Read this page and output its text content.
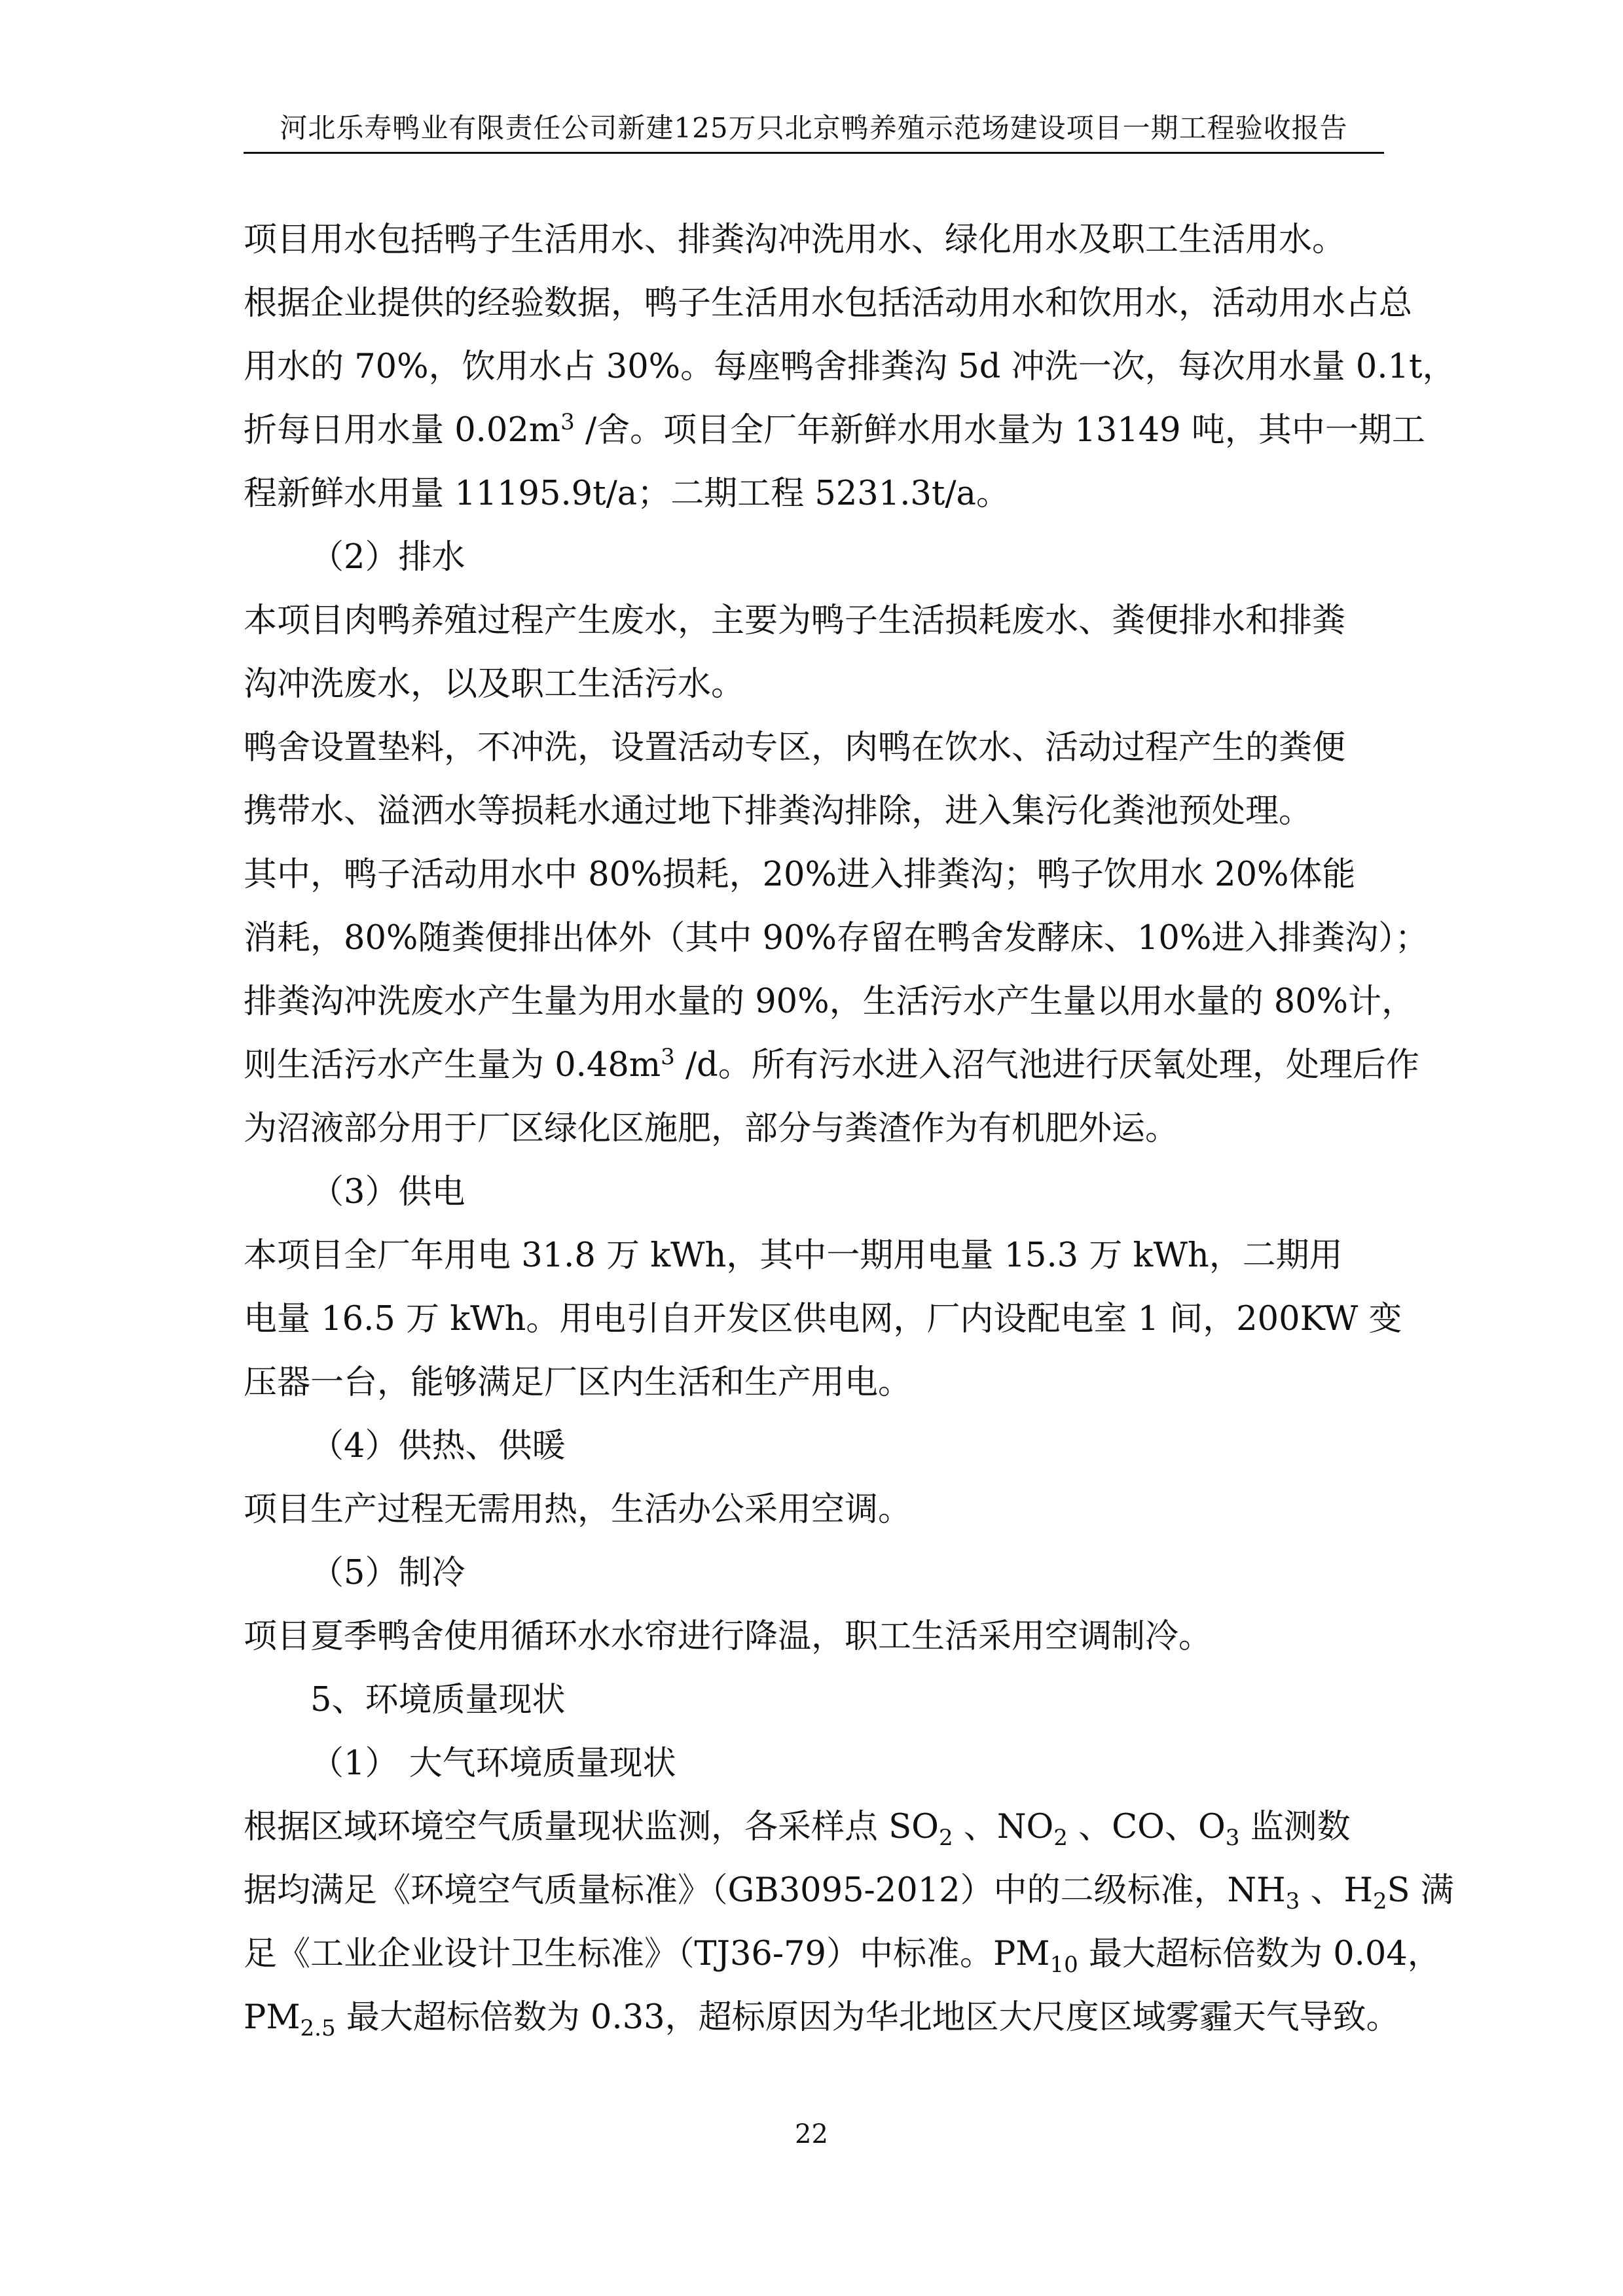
河北乐寿鸭业有限责任公司新建125万只北京鸭养殖示范场建设项目一期工程验收报告

项目用水包括鸭子生活用水、排粪沟冲洗用水、绿化用水及职工生活用水。

根据企业提供的经验数据，鸭子生活用水包括活动用水和饮用水，活动用水占总

用水的 70%，饮用水占 30%。每座鸭舍排粪沟 5d 冲洗一次，每次用水量 0.1t，

折每日用水量 $0.02m^3$ /舍。项目全厂年新鲜水用水量为 13149 吨，其中一期工

程新鲜水用量 11195.9t/a；二期工程 5231.3t/a。

（2）排水

本项目肉鸭养殖过程产生废水，主要为鸭子生活损耗废水、粪便排水和排粪

沟冲洗废水，以及职工生活污水。

鸭舍设置垫料，不冲洗，设置活动专区，肉鸭在饮水、活动过程产生的粪便

携带水、溢洒水等损耗水通过地下排粪沟排除，进入集污化粪池预处理。

其中，鸭子活动用水中 80%损耗，20%进入排粪沟；鸭子饮用水 20%体能

消耗，80%随粪便排出体外（其中 90%存留在鸭舍发酵床、10%进入排粪沟）；

排粪沟冲洗废水产生量为用水量的 90%，生活污水产生量以用水量的 80%计，

则生活污水产生量为 $0.48m^3$ /d。所有污水进入沼气池进行厌氧处理，处理后作

为沼液部分用于厂区绿化区施肥，部分与粪渣作为有机肥外运。

（3）供电

本项目全厂年用电 31.8 万 kWh，其中一期用电量 15.3 万 kWh，二期用

电量 16.5 万 kWh。用电引自开发区供电网，厂内设配电室 1 间，200KW 变

压器一台，能够满足厂区内生活和生产用电。

（4）供热、供暖

项目生产过程无需用热，生活办公采用空调。

（5）制冷

项目夏季鸭舍使用循环水水帘进行降温，职工生活采用空调制冷。

5、环境质量现状

（1） 大气环境质量现状

根据区域环境空气质量现状监测，各采样点 $SO_2$ 、$NO_2$ 、CO、$O_3$ 监测数

据均满足《环境空气质量标准》（GB3095-2012）中的二级标准，$NH_3$ 、$H_2S$ 满

足《工业企业设计卫生标准》（TJ36-79）中标准。$PM_{10}$ 最大超标倍数为 0.04，

$PM_{2.5}$ 最大超标倍数为 0.33，超标原因为华北地区大尺度区域雾霾天气导致。

22
